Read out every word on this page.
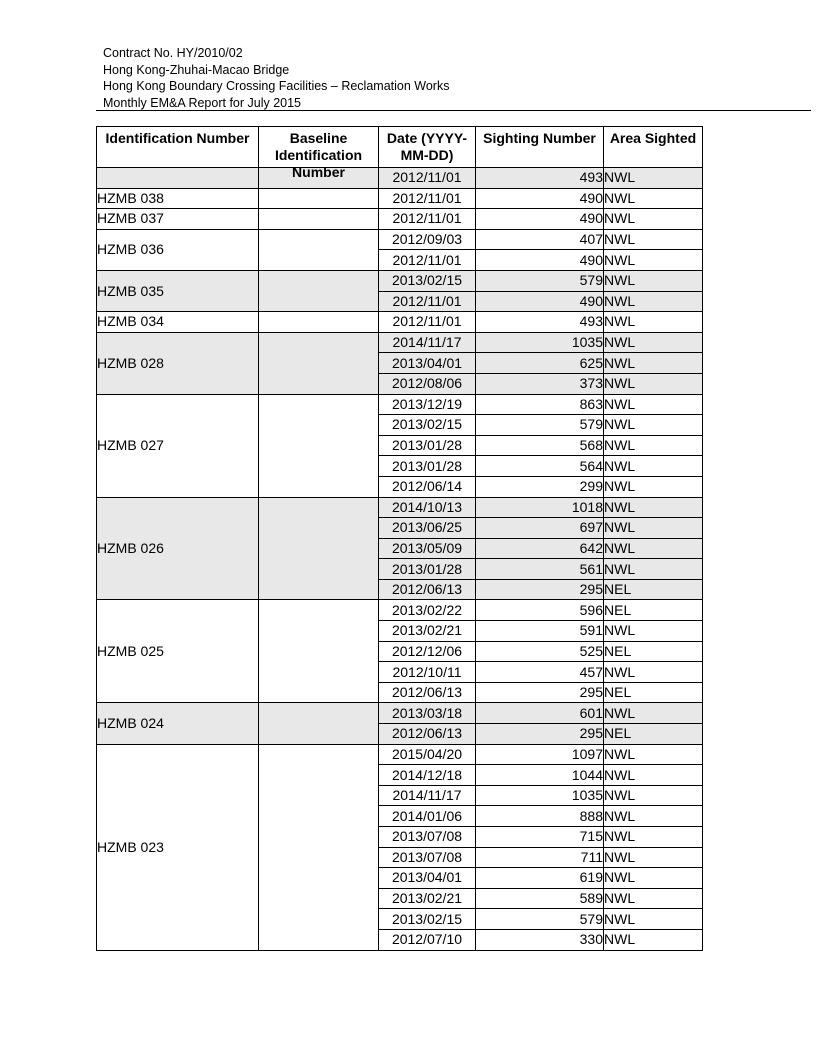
Contract No. HY/2010/02
Hong Kong-Zhuhai-Macao Bridge
Hong Kong Boundary Crossing Facilities – Reclamation Works
Monthly EM&A Report for July 2015
Identification Number	Baseline Identification Number	Date (YYYY-MM-DD)	Sighting Number	Area Sighted

		2012/11/01	493	NWL
HZMB 038		2012/11/01	490	NWL
HZMB 037		2012/11/01	490	NWL
HZMB 036		2012/09/03	407	NWL
		2012/11/01	490	NWL
HZMB 035		2013/02/15	579	NWL
		2012/11/01	490	NWL
HZMB 034		2012/11/01	493	NWL
HZMB 028		2014/11/17	1035	NWL
		2013/04/01	625	NWL
		2012/08/06	373	NWL
HZMB 027		2013/12/19	863	NWL
		2013/02/15	579	NWL
		2013/01/28	568	NWL
		2013/01/28	564	NWL
		2012/06/14	299	NWL
HZMB 026		2014/10/13	1018	NWL
		2013/06/25	697	NWL
		2013/05/09	642	NWL
		2013/01/28	561	NWL
		2012/06/13	295	NEL
HZMB 025		2013/02/22	596	NEL
		2013/02/21	591	NWL
		2012/12/06	525	NEL
		2012/10/11	457	NWL
		2012/06/13	295	NEL
HZMB 024		2013/03/18	601	NWL
		2012/06/13	295	NEL
HZMB 023		2015/04/20	1097	NWL
		2014/12/18	1044	NWL
		2014/11/17	1035	NWL
		2014/01/06	888	NWL
		2013/07/08	715	NWL
		2013/07/08	711	NWL
		2013/04/01	619	NWL
		2013/02/21	589	NWL
		2013/02/15	579	NWL
		2012/07/10	330	NWL
